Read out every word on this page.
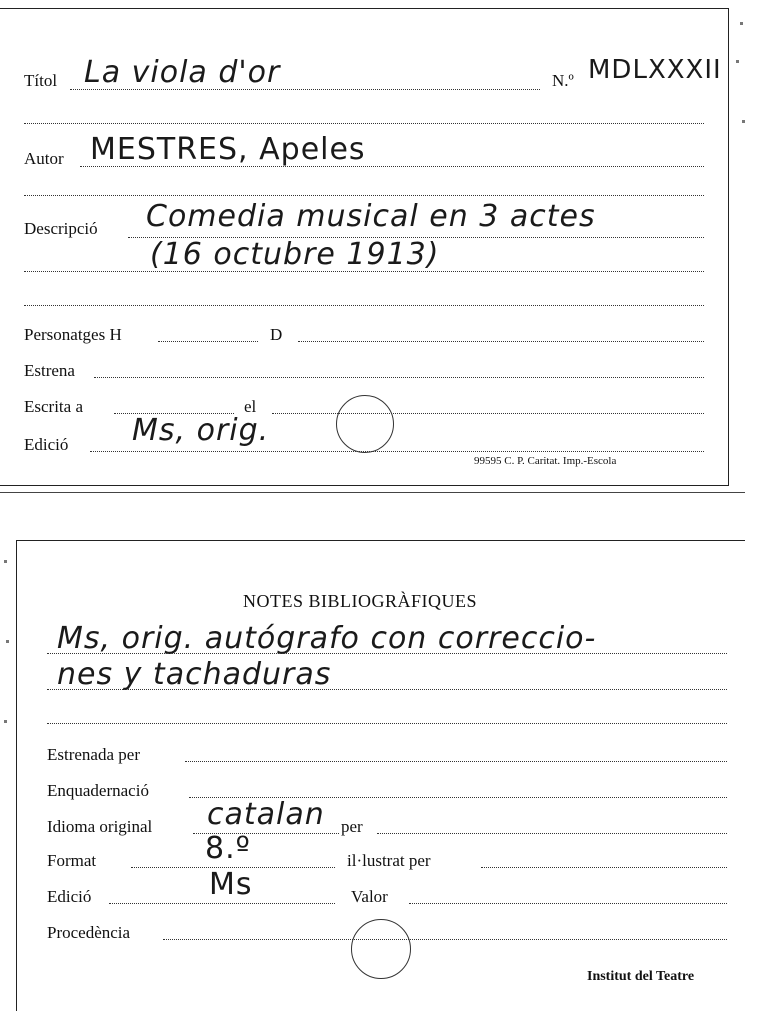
Títol La viola d'or	N.º MDLXXXII
Autor MESTRES, Apeles
Descripció Comedia musical en 3 actes
(16 octubre 1913)
Personatges H	D
Estrena
Escrita a	el
Edició Ms, orig.
99595 C. P. Caritat. Imp.-Escola
NOTES BIBLIOGRÀFIQUES
Ms, orig. autógrafo con correccio-
nes y tachaduras
Estrenada per
Enquadernació
Idioma original catalan per
Format	8.º	il·lustrat per
Edició	Ms	Valor
Procedència
Institut del Teatre
